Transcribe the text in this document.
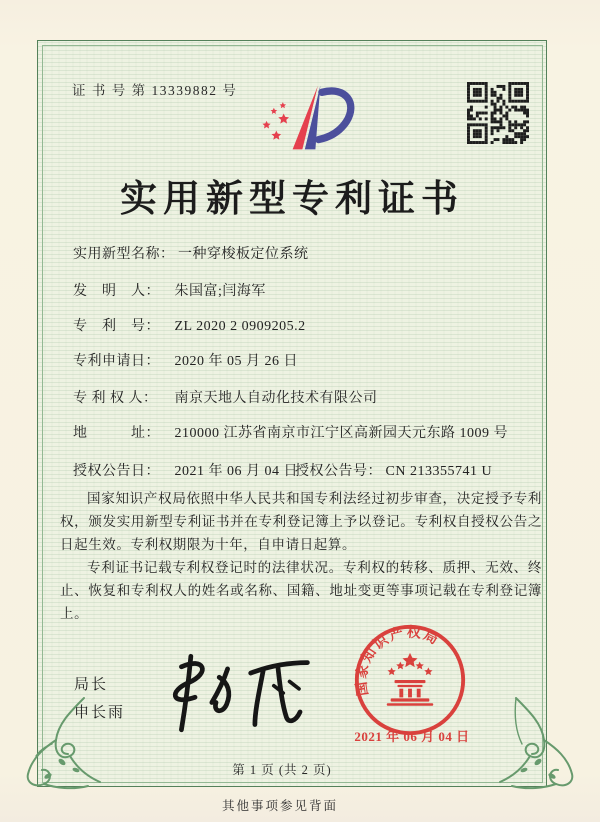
证 书 号 第 13339882 号
实用新型专利证书
实用新型名称： 一种穿梭板定位系统
发　明　人： 朱国富;闫海军
专　利　号： ZL 2020 2 0909205.2
专利申请日： 2020 年 05 月 26 日
专 利 权 人： 南京天地人自动化技术有限公司
地　　　址： 210000 江苏省南京市江宁区高新园天元东路 1009 号
授权公告日： 2021 年 06 月 04 日
授权公告号： CN 213355741 U

国家知识产权局依照中华人民共和国专利法经过初步审查，决定授予专利权，颁发实用新型专利证书并在专利登记簿上予以登记。专利权自授权公告之日起生效。专利权期限为十年，自申请日起算。

专利证书记载专利权登记时的法律状况。专利权的转移、质押、无效、终止、恢复和专利权人的姓名或名称、国籍、地址变更等事项记载在专利登记簿上。

局长
申长雨
国家知识产权局
2021 年 06 月 04 日
第 1 页 (共 2 页)
其他事项参见背面
